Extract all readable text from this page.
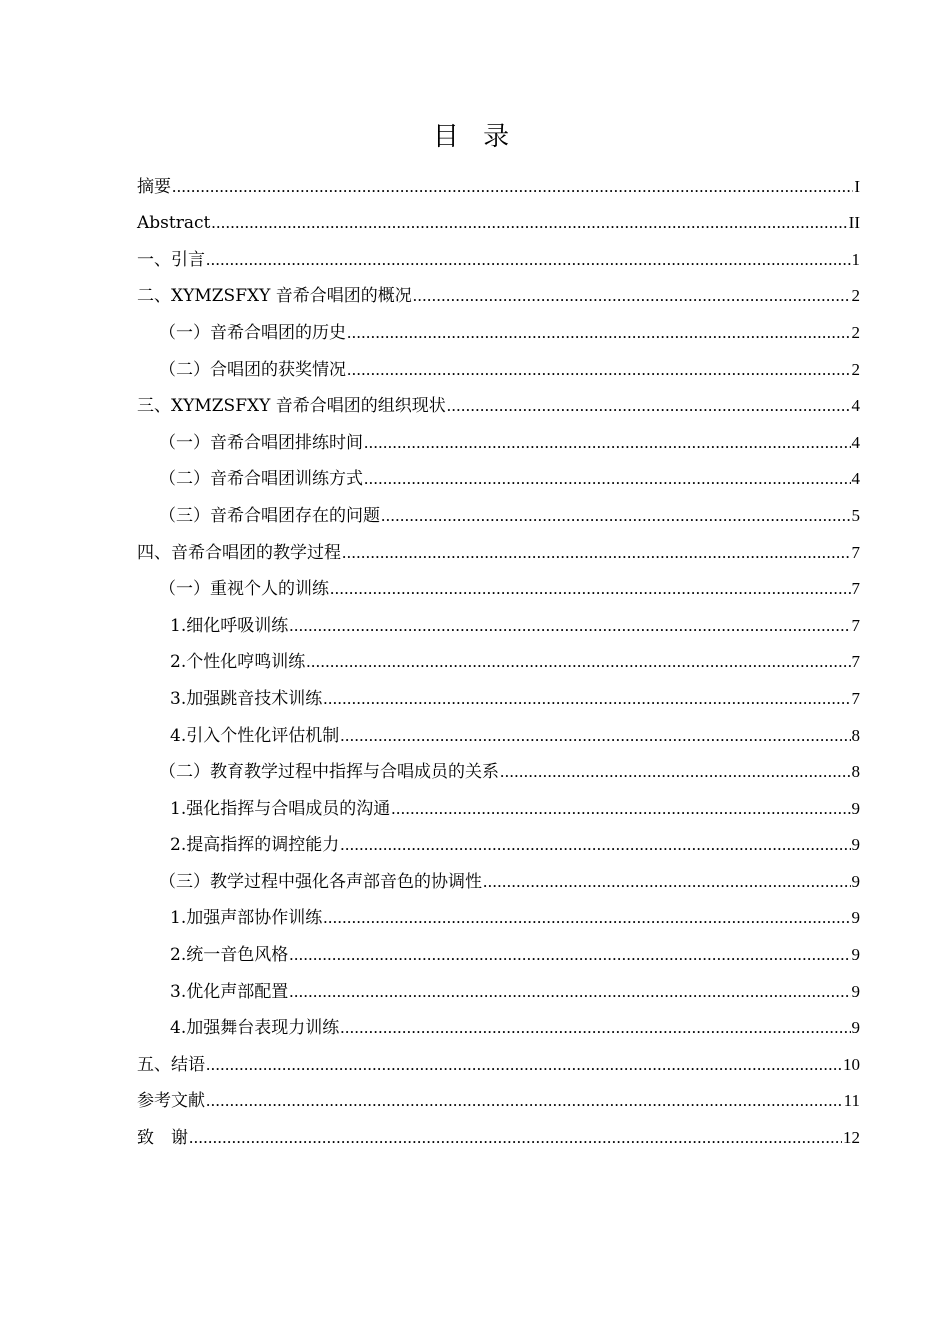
目 录
摘要 .....	I
Abstract .....	II
一、引言 .....	1
二、XYMZSFXY 音希合唱团的概况 .....	2
（一）音希合唱团的历史 .....	2
（二）合唱团的获奖情况 .....	2
三、XYMZSFXY 音希合唱团的组织现状 .....	4
（一）音希合唱团排练时间 .....	4
（二）音希合唱团训练方式 .....	4
（三）音希合唱团存在的问题 .....	5
四、音希合唱团的教学过程 .....	7
（一）重视个人的训练 .....	7
1.细化呼吸训练 .....	7
2.个性化哼鸣训练 .....	7
3.加强跳音技术训练 .....	7
4.引入个性化评估机制 .....	8
（二）教育教学过程中指挥与合唱成员的关系 .....	8
1.强化指挥与合唱成员的沟通 .....	9
2.提高指挥的调控能力 .....	9
（三）教学过程中强化各声部音色的协调性 .....	9
1.加强声部协作训练 .....	9
2.统一音色风格 .....	9
3.优化声部配置 .....	9
4.加强舞台表现力训练 .....	9
五、结语 .....	10
参考文献 .....	11
致　谢 .....	12
